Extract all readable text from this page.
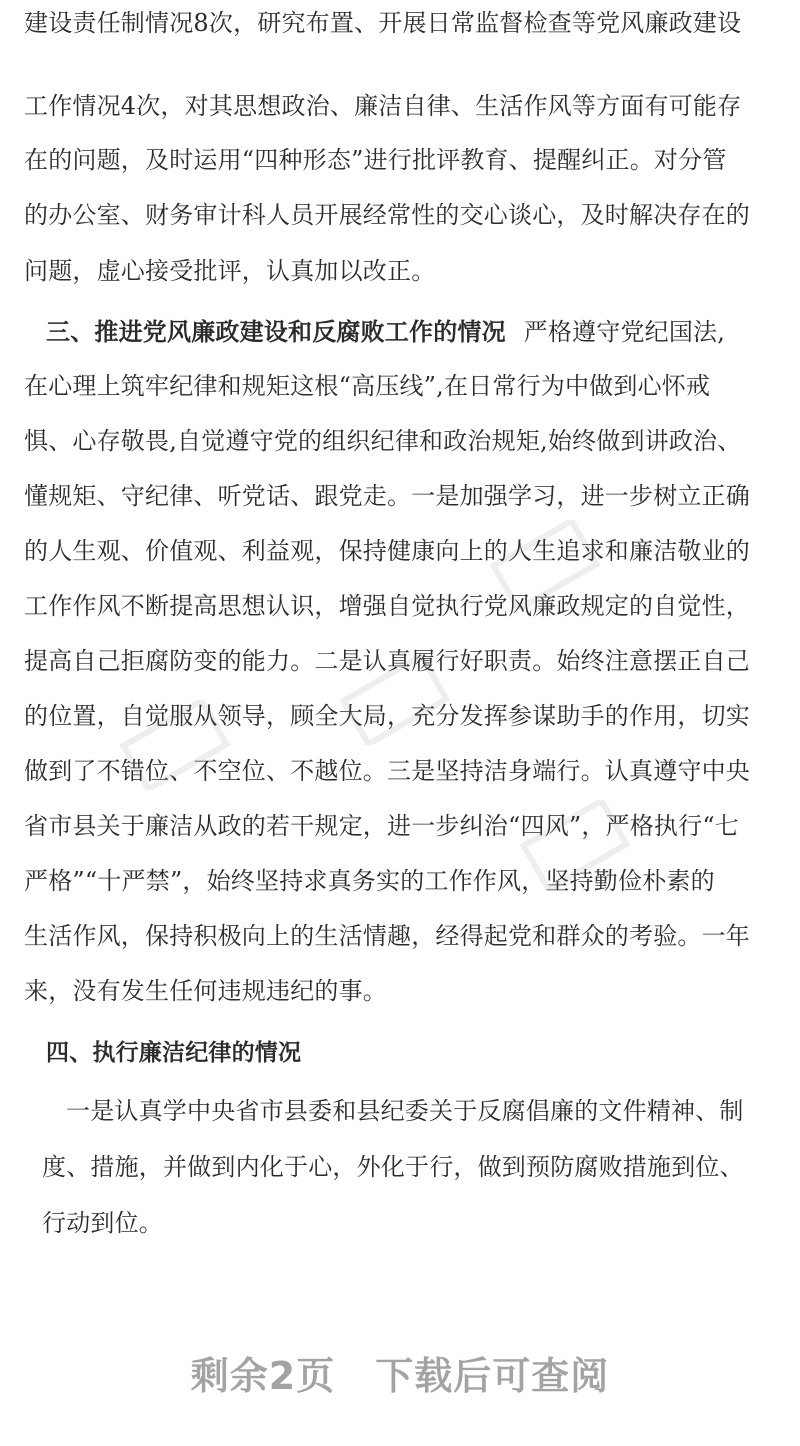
建设责任制情况8次，研究布置、开展日常监督检查等党风廉政建设
工作情况4次，对其思想政治、廉洁自律、生活作风等方面有可能存
在的问题，及时运用“四种形态”进行批评教育、提醒纠正。对分管
的办公室、财务审计科人员开展经常性的交心谈心，及时解决存在的
问题，虚心接受批评，认真加以改正。
三、推进党风廉政建设和反腐败工作的情况 严格遵守党纪国法,
在心理上筑牢纪律和规矩这根“高压线”,在日常行为中做到心怀戒
惧、心存敬畏,自觉遵守党的组织纪律和政治规矩,始终做到讲政治、
懂规矩、守纪律、听党话、跟党走。一是加强学习，进一步树立正确
的人生观、价值观、利益观，保持健康向上的人生追求和廉洁敬业的
工作作风不断提高思想认识，增强自觉执行党风廉政规定的自觉性，
提高自己拒腐防变的能力。二是认真履行好职责。始终注意摆正自己
的位置，自觉服从领导，顾全大局，充分发挥参谋助手的作用，切实
做到了不错位、不空位、不越位。三是坚持洁身端行。认真遵守中央
省市县关于廉洁从政的若干规定，进一步纠治“四风”，严格执行“七
严格”“十严禁”，始终坚持求真务实的工作作风，坚持勤俭朴素的
生活作风，保持积极向上的生活情趣，经得起党和群众的考验。一年
来，没有发生任何违规违纪的事。
四、执行廉洁纪律的情况
一是认真学中央省市县委和县纪委关于反腐倡廉的文件精神、制
度、措施，并做到内化于心，外化于行，做到预防腐败措施到位、
行动到位。
剩余2页 下载后可查阅
